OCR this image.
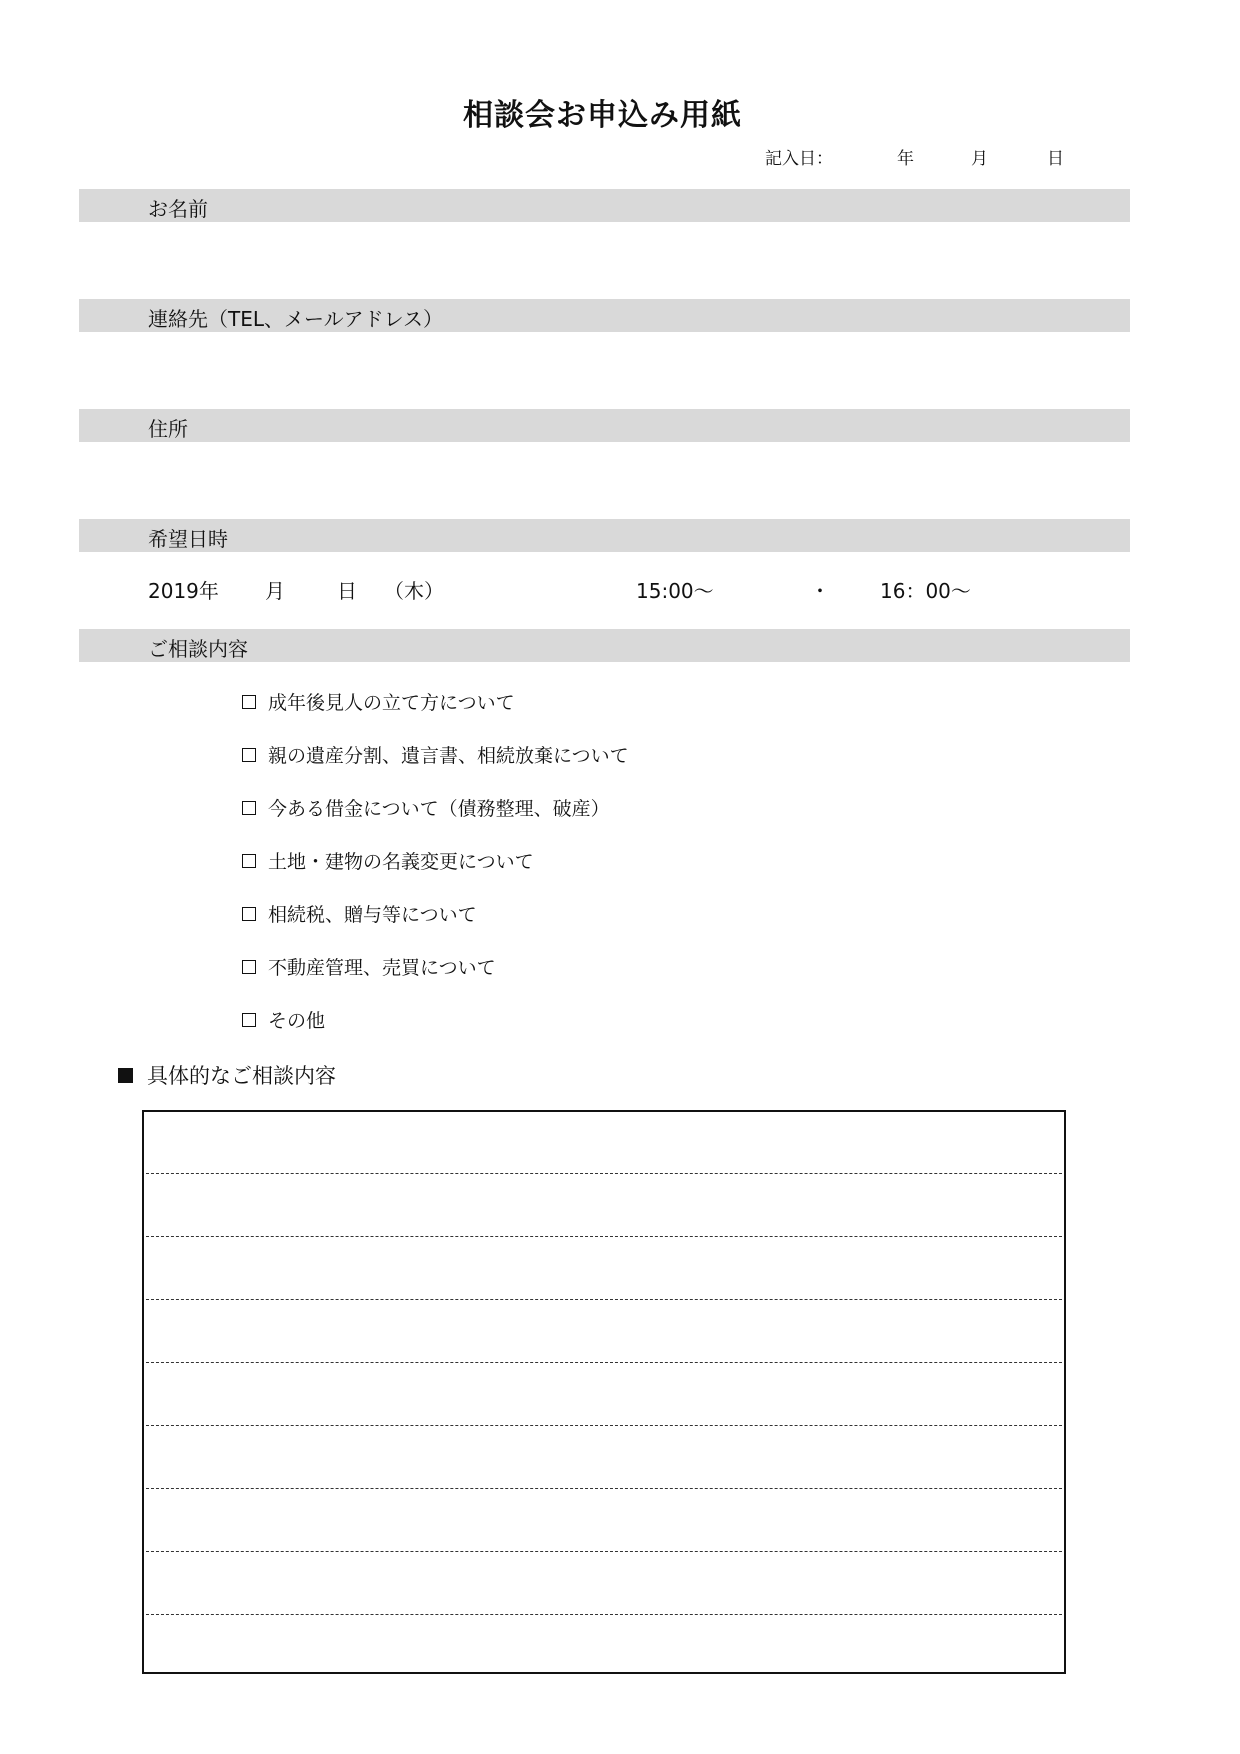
相談会お申込み用紙
記入日：	年	月	日
お名前
連絡先（TEL、メールアドレス）
住所
希望日時
2019年 月	日 （木）	15:00～	・	16：00～
ご相談内容
成年後見人の立て方について
親の遺産分割、遺言書、相続放棄について
今ある借金について（債務整理、破産）
土地・建物の名義変更について
相続税、贈与等について
不動産管理、売買について
その他
具体的なご相談内容
